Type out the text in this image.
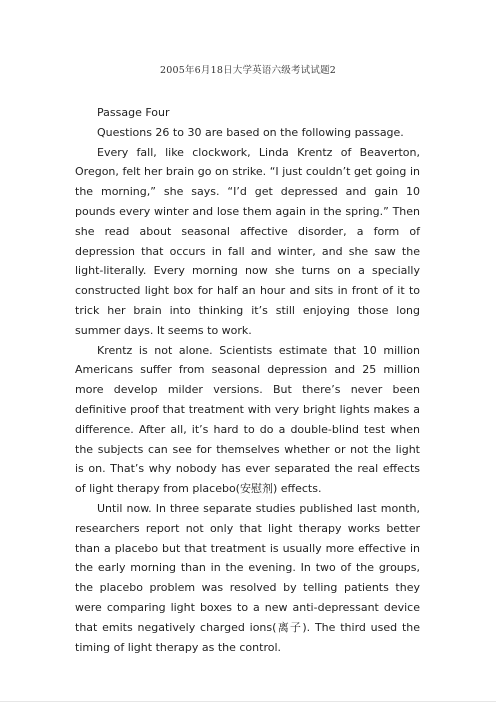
2005年6月18日大学英语六级考试试题2

Passage Four

Questions 26 to 30 are based on the following passage.

Every fall, like clockwork, Linda Krentz of Beaverton, Oregon, felt her brain go on strike. “I just couldn’t get going in the morning,” she says. “I’d get depressed and gain 10 pounds every winter and lose them again in the spring.” Then she read about seasonal affective disorder, a form of depression that occurs in fall and winter, and she saw the light-literally. Every morning now she turns on a specially constructed light box for half an hour and sits in front of it to trick her brain into thinking it’s still enjoying those long summer days. It seems to work.

Krentz is not alone. Scientists estimate that 10 million Americans suffer from seasonal depression and 25 million more develop milder versions. But there’s never been definitive proof that treatment with very bright lights makes a difference. After all, it’s hard to do a double-blind test when the subjects can see for themselves whether or not the light is on. That’s why nobody has ever separated the real effects of light therapy from placebo(安慰剂) effects.

Until now. In three separate studies published last month, researchers report not only that light therapy works better than a placebo but that treatment is usually more effective in the early morning than in the evening. In two of the groups, the placebo problem was resolved by telling patients they were comparing light boxes to a new anti-depressant device that emits negatively charged ions(离子). The third used the timing of light therapy as the control.
